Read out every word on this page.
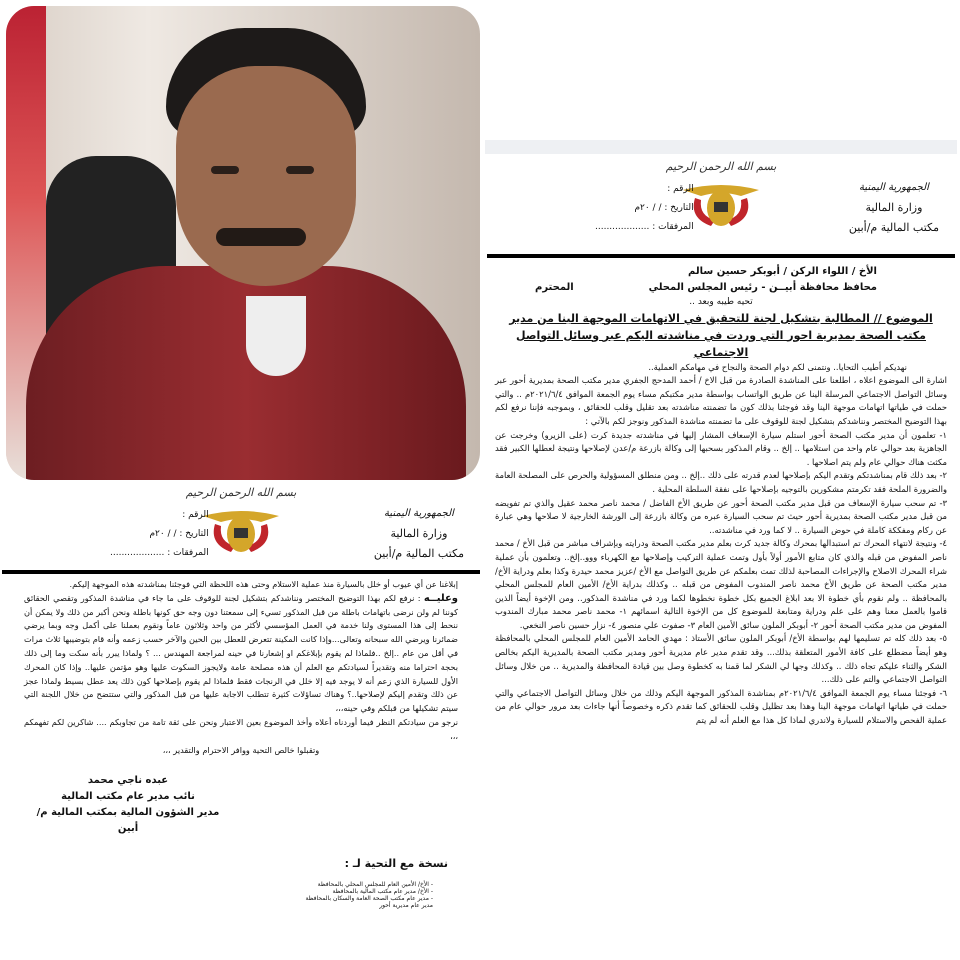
بسم الله الرحمن الرحيم
الجمهورية اليمنية
وزارة المالية
مكتب المالية م/أبين
الرقم :
التاريخ : / / ٢٠م
المرفقات : ...................
الأخ / اللواء الركن / أبوبكر حسين سالم
محافظ محافظة أبيــن - رئيس المجلس المحلي
المحترم
تحيه طيبه وبعد ..
الموضوع // المطالبة بتشكيل لجنة للتحقيق في الاتهامات الموجهة الينا من مدير مكتب الصحة بمديرية احور التي وردت في مناشدته اليكم عبر وسائل التواصل الاجتماعي
نهديكم أطيب التحايا.. ونتمنى لكم دوام الصحة والنجاح في مهامكم العملية..
اشارة الى الموضوع اعلاه ، اطلعنا على المناشدة الصادرة من قبل الاخ / أحمد المدحج الجفري مدير مكتب الصحة بمديرية أحور عبر وسائل التواصل الاجتماعي المرسلة الينا عن طريق الواتساب بواسطة مدير مكتبكم مساء يوم الجمعة الموافق ٢٠٢١/٦/٤م .. والتي حملت في طياتها اتهامات موجهة الينا وقد فوجئنا بذلك كون ما تضمنته مناشدته بعد تقليل وقلب للحقائق ، وبموجبه فإننا نرفع لكم بهذا التوضيح المختصر ونناشدكم بتشكيل لجنة للوقوف على ما تضمنته مناشدة المذكور ونوجز لكم بالآتي :
١- تعلمون أن مدير مكتب الصحة أحور استلم سيارة الإسعاف المشار إليها في مناشدته جديدة كرت (على الزيرو) وخرجت عن الجاهزية بعد حوالي عام واحد من استلامها .. إلخ .. وقام المذكور بسحبها إلى وكالة بازرعة م/عدن لإصلاحها ونتيجة لعطلها الكبير فقد مكثت هناك حوالي عام ولم يتم اصلاحها .
٢- بعد ذلك قام بمناشدتكم وتقدم اليكم بإصلاحها لعدم قدرته على ذلك ..إلخ .. ومن منطلق المسؤولية والحرص على المصلحة العامة والضرورة الملحة فقد تكرمتم مشكورين بالتوجيه بإصلاحها على نفقة السلطة المحلية .
٣- تم سحب سيارة الإسعاف من قبل مدير مكتب الصحة أحور عن طريق الأخ الفاضل / محمد ناصر محمد عقيل والذي تم تفويضه من قبل مدير مكتب الصحة بمديرية أحور حيث تم سحب السيارة عبره من وكالة بازرعة إلى الورشة الخارجية لا صلاحها وهي عبارة عن ركام ومفككة كاملة في حوض السيارة .. لا كما ورد في مناشدته..
٤- ونتيجة لانتهاء المحرك تم استبدالها بمحرك وكالة جديد كرت بعلم مدير مكتب الصحة ودرايته وبإشراف مباشر من قبل الأخ / محمد ناصر المفوض من قبله والذي كان متابع الأمور أولاً بأول وتمت عملية التركيب وإصلاحها مع الكهرباء ووو..إلخ.. وتعلمون بأن عملية شراء المحرك الاصلاح والإجراءات المصاحبة لذلك تمت بعلمكم عن طريق التواصل مع الأخ /عزيز محمد حيدرة وكذا بعلم ودراية الأخ/ مدير مكتب الصحة عن طريق الأخ محمد ناصر المندوب المفوض من قبله .. وكذلك بدراية الأخ/ الأمين العام للمجلس المحلي بالمحافظة .. ولم نقوم بأي خطوة الا بعد ابلاغ الجميع بكل خطوة نخطوها لكما ورد في مناشدة المذكور.. ومن الإخوة أيضاً الذين قاموا بالعمل معنا وهم على علم ودراية ومتابعة للموضوع كل من الإخوة التالية اسمائهم ١- محمد ناصر محمد مبارك المندوب المفوض من مدير مكتب الصحة أحور ٢- أبوبكر الملون سائق الأمين العام ٣- صفوت علي منصور ٤- نزار حسين ناصر النخعي.
٥- بعد ذلك كله تم تسليمها لهم بواسطة الأخ/ أبوبكر الملون سائق الأستاذ : مهدي الحامد الأمين العام للمجلس المحلي بالمحافظة وهو أيضاً مضطلع على كافة الأمور المتعلقة بذلك... وقد تقدم مدير عام مديرية أحور ومدير مكتب الصحة بالمديرية اليكم بخالص الشكر والثناء عليكم تجاه ذلك .. وكذلك وجها لي الشكر لما قمنا به كخطوة وصل بين قيادة المحافظة والمديرية .. من خلال وسائل التواصل الاجتماعي والتم على ذلك...
٦- فوجئنا مساء يوم الجمعة الموافق ٢٠٢١/٦/٤م بمناشدة المذكور الموجهة اليكم وذلك من خلال وسائل التواصل الاجتماعي والتي حملت في طياتها اتهامات موجهة الينا وهذا بعد تظليل وقلب للحقائق كما تقدم ذكره وخصوصاً أنها جاءات بعد مرور حوالي عام من عملية الفحص والاستلام للسيارة ولاندري لماذا كل هذا مع العلم أنه لم يتم
بسم الله الرحمن الرحيم
الجمهورية اليمنية
وزارة المالية
مكتب المالية م/أبين
الرقم :
التاريخ : / / ٢٠م
المرفقات : ...................
إبلاغنا عن أي عيوب أو خلل بالسيارة منذ عملية الاستلام وحتى هذه اللحظة التي فوجئنا بمناشدته هذه الموجهة إليكم.
وعليــه : نرفع لكم بهذا التوضيح المختصر ونناشدكم بتشكيل لجنة للوقوف على ما جاء في مناشدة المذكور وتقصي الحقائق كوننا لم ولن نرضى باتهامات باطلة من قبل المذكور تسيء إلى سمعتنا دون وجه حق كونها باطلة ونحن أكبر من ذلك ولا يمكن أن ننحط إلى هذا المستوى ولنا خدمة في العمل المؤسسي لأكثر من واحد وثلاثون عاماً ونقوم بعملنا على أكمل وجه وبما يرضي ضمائرنا ويرضي الله سبحانه وتعالى...وإذا كانت المكينة تتعرض للعطل بين الحين والآخر حسب زعمه وأنه قام بتوضيبها ثلاث مرات في أقل من عام ..إلخ ..فلماذا لم يقوم بإبلاغكم او إشعارنا في حينه لمراجعة المهندس ... ؟ ولماذا يبرر بأنه سكت وما إلى ذلك بحجة احتراما منه وتقديراً لسيادتكم مع العلم أن هذه مصلحة عامة ولايجوز السكوت عليها وهو مؤتمن عليها.. وإذا كان المحرك الأول للسيارة الذي زعم أنه لا يوجد فيه إلا خلل في الرنجات فقط فلماذا لم يقوم بإصلاحها كون ذلك يعد عطل بسيط ولماذا عجز عن ذلك وتقدم إليكم لإصلاحها..؟ وهناك تساؤلات كثيرة تتطلب الاجابة عليها من قبل المذكور والتي ستتضح من خلال اللجنة التي سيتم تشكيلها من قبلكم وفي حينه،،،
نرجو من سيادتكم النظر فيما أوردناه أعلاه وأخذ الموضوع بعين الاعتبار ونحن على ثقة تامة من تجاوبكم .... شاكرين لكم تفهمكم ،،،
وتقبلوا خالص التحية ووافر الاحترام والتقدير ،،،
عبده ناجي محمد
نائب مدير عام مكتب المالية
مدير الشؤون المالية بمكتب المالية م/أبين
نسخة مع التحية لـ :
- الأخ/ الأمين العام للمجلس المحلي بالمحافظة
- الأخ/ مدير عام مكتب المالية بالمحافظة
- مدير عام مكتب الصحة العامة والسكان بالمحافظة
مدير عام مديرية أحور
